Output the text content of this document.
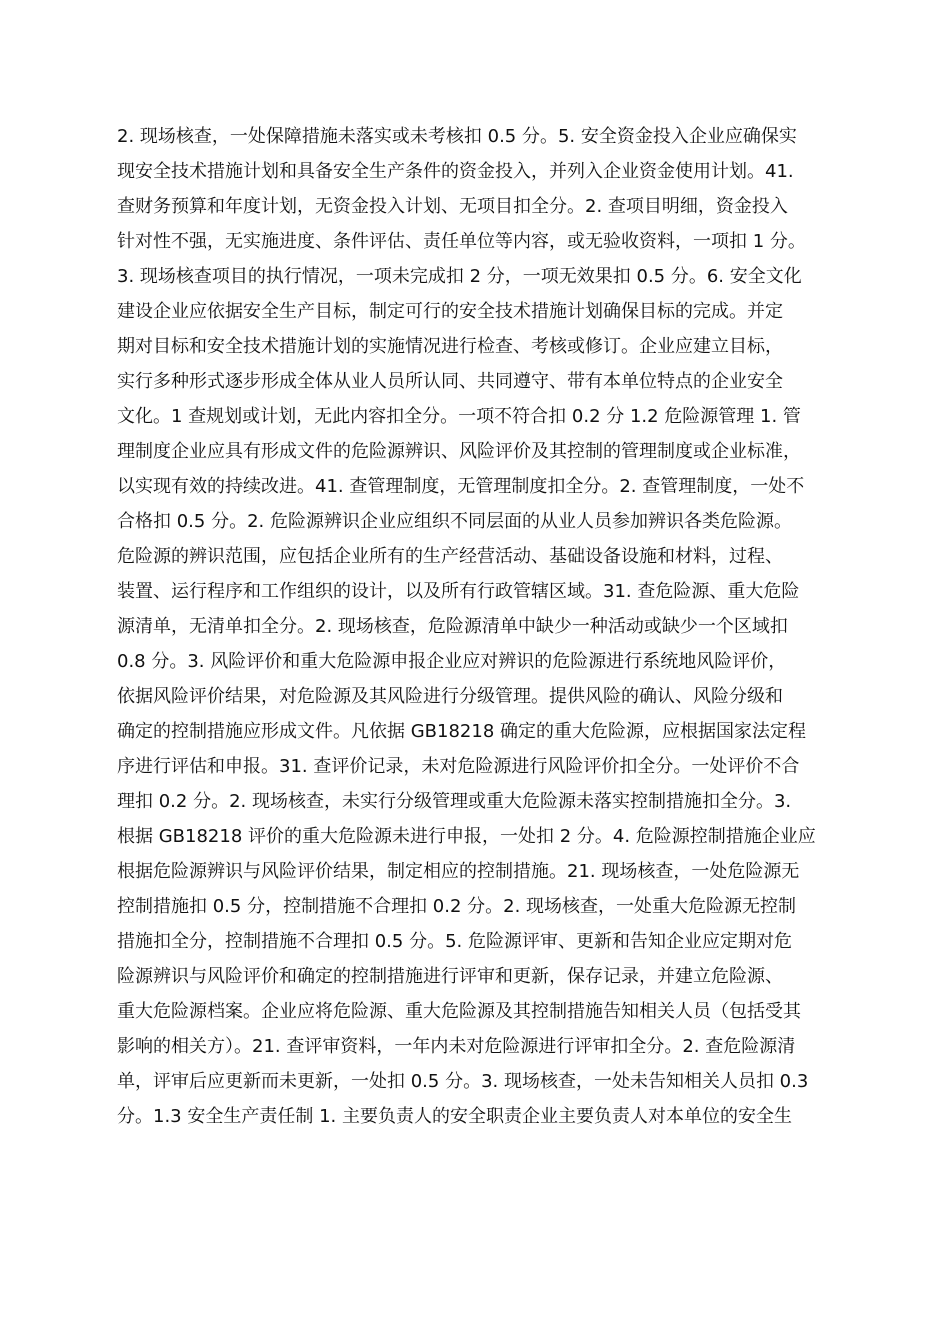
2. 现场核查，一处保障措施未落实或未考核扣 0.5 分。5. 安全资金投入企业应确保实
现安全技术措施计划和具备安全生产条件的资金投入，并列入企业资金使用计划。41.
查财务预算和年度计划，无资金投入计划、无项目扣全分。2. 查项目明细，资金投入
针对性不强，无实施进度、条件评估、责任单位等内容，或无验收资料，一项扣 1 分。
3. 现场核查项目的执行情况，一项未完成扣 2 分，一项无效果扣 0.5 分。6. 安全文化
建设企业应依据安全生产目标，制定可行的安全技术措施计划确保目标的完成。并定
期对目标和安全技术措施计划的实施情况进行检查、考核或修订。企业应建立目标，
实行多种形式逐步形成全体从业人员所认同、共同遵守、带有本单位特点的企业安全
文化。1 查规划或计划，无此内容扣全分。一项不符合扣 0.2 分 1.2 危险源管理 1. 管
理制度企业应具有形成文件的危险源辨识、风险评价及其控制的管理制度或企业标准，
以实现有效的持续改进。41. 查管理制度，无管理制度扣全分。2. 查管理制度，一处不
合格扣 0.5 分。2. 危险源辨识企业应组织不同层面的从业人员参加辨识各类危险源。
危险源的辨识范围，应包括企业所有的生产经营活动、基础设备设施和材料，过程、
装置、运行程序和工作组织的设计，以及所有行政管辖区域。31. 查危险源、重大危险
源清单，无清单扣全分。2. 现场核查，危险源清单中缺少一种活动或缺少一个区域扣
0.8 分。3. 风险评价和重大危险源申报企业应对辨识的危险源进行系统地风险评价，
依据风险评价结果，对危险源及其风险进行分级管理。提供风险的确认、风险分级和
确定的控制措施应形成文件。凡依据 GB18218 确定的重大危险源，应根据国家法定程
序进行评估和申报。31. 查评价记录，未对危险源进行风险评价扣全分。一处评价不合
理扣 0.2 分。2. 现场核查，未实行分级管理或重大危险源未落实控制措施扣全分。3.
根据 GB18218 评价的重大危险源未进行申报，一处扣 2 分。4. 危险源控制措施企业应
根据危险源辨识与风险评价结果，制定相应的控制措施。21. 现场核查，一处危险源无
控制措施扣 0.5 分，控制措施不合理扣 0.2 分。2. 现场核查，一处重大危险源无控制
措施扣全分，控制措施不合理扣 0.5 分。5. 危险源评审、更新和告知企业应定期对危
险源辨识与风险评价和确定的控制措施进行评审和更新，保存记录，并建立危险源、
重大危险源档案。企业应将危险源、重大危险源及其控制措施告知相关人员（包括受其
影响的相关方）。21. 查评审资料，一年内未对危险源进行评审扣全分。2. 查危险源清
单，评审后应更新而未更新，一处扣 0.5 分。3. 现场核查，一处未告知相关人员扣 0.3
分。1.3 安全生产责任制 1. 主要负责人的安全职责企业主要负责人对本单位的安全生
